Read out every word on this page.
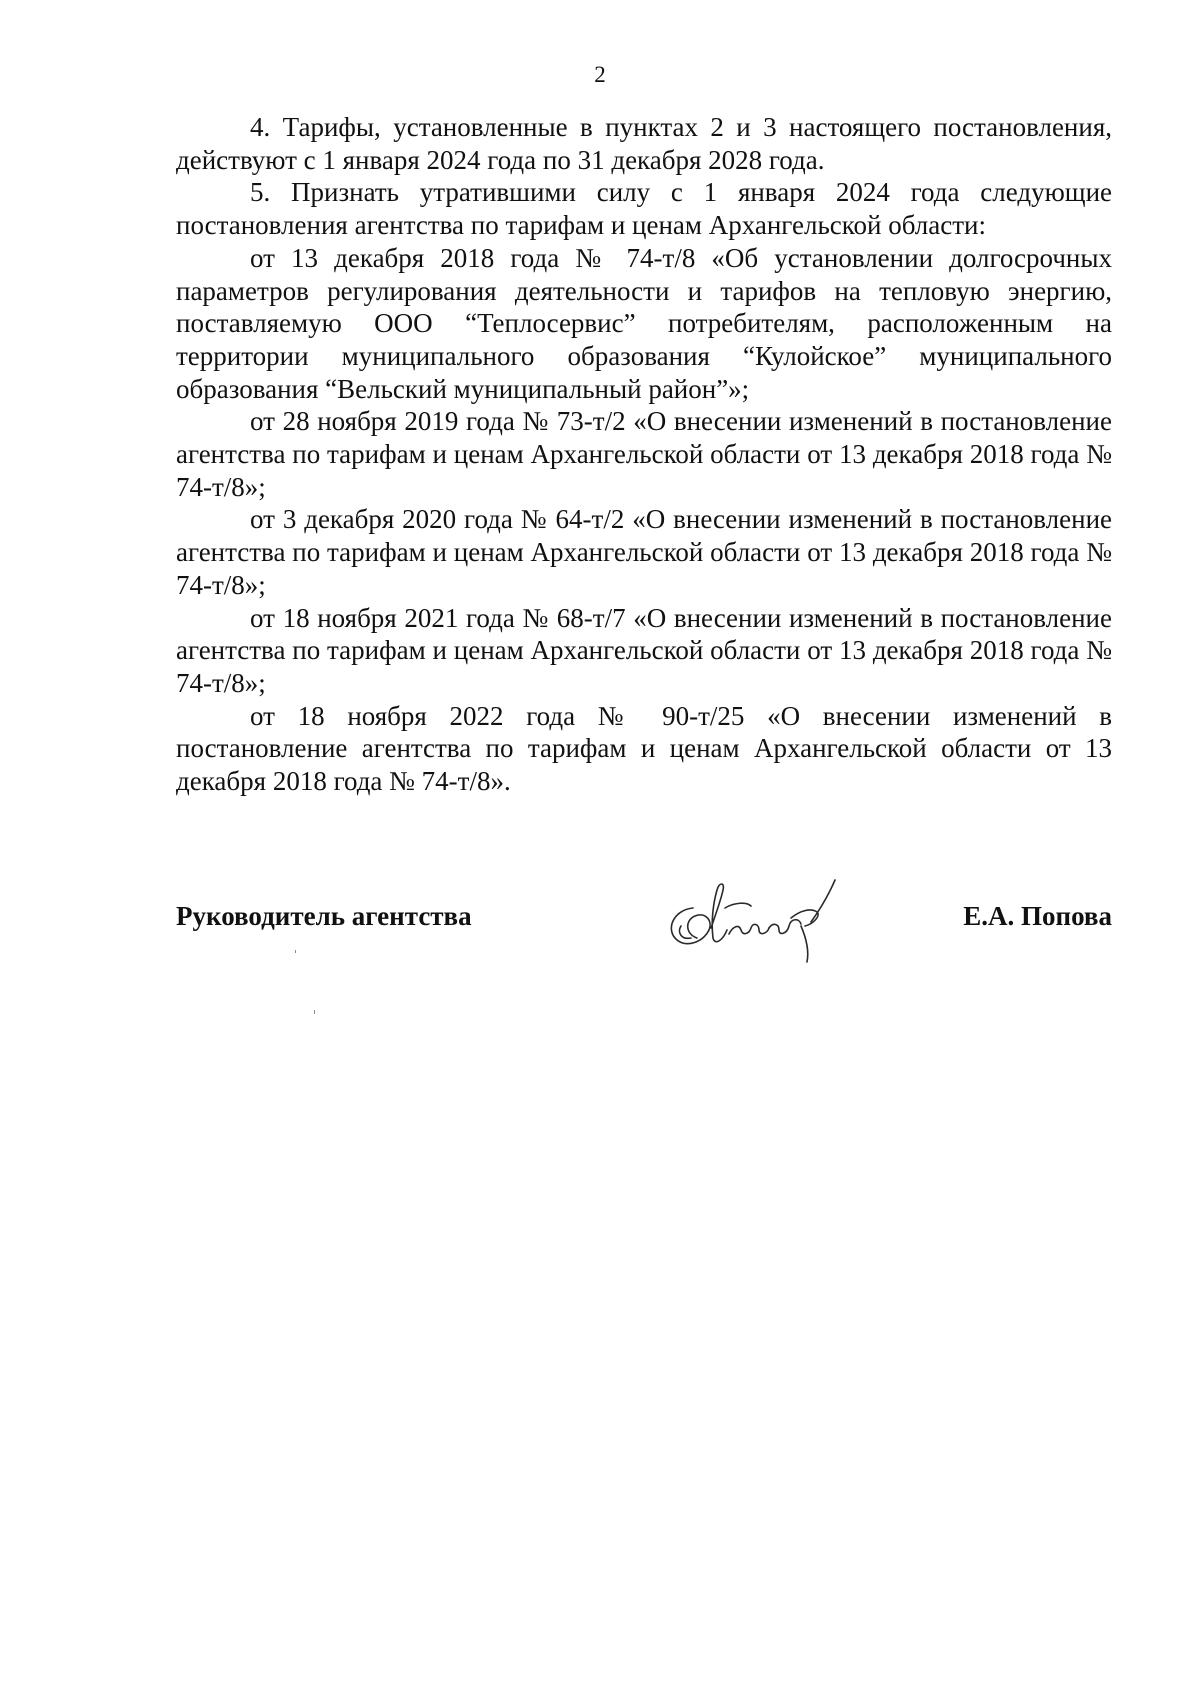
2

4. Тарифы, установленные в пунктах 2 и 3 настоящего постановления, действуют с 1 января 2024 года по 31 декабря 2028 года.

5. Признать утратившими силу с 1 января 2024 года следующие постановления агентства по тарифам и ценам Архангельской области:

от 13 декабря 2018 года № 74-т/8 «Об установлении долгосрочных параметров регулирования деятельности и тарифов на тепловую энергию, поставляемую ООО “Теплосервис” потребителям, расположенным на территории муниципального образования “Кулойское” муниципального образования “Вельский муниципальный район”»;

от 28 ноября 2019 года № 73-т/2 «О внесении изменений в постановление агентства по тарифам и ценам Архангельской области от 13 декабря 2018 года № 74-т/8»;

от 3 декабря 2020 года № 64-т/2 «О внесении изменений в постановление агентства по тарифам и ценам Архангельской области от 13 декабря 2018 года № 74-т/8»;

от 18 ноября 2021 года № 68-т/7 «О внесении изменений в постановление агентства по тарифам и ценам Архангельской области от 13 декабря 2018 года № 74-т/8»;

от 18 ноября 2022 года № 90-т/25 «О внесении изменений в постановление агентства по тарифам и ценам Архангельской области от 13 декабря 2018 года № 74-т/8».

Руководитель агентства	Е.А. Попова
